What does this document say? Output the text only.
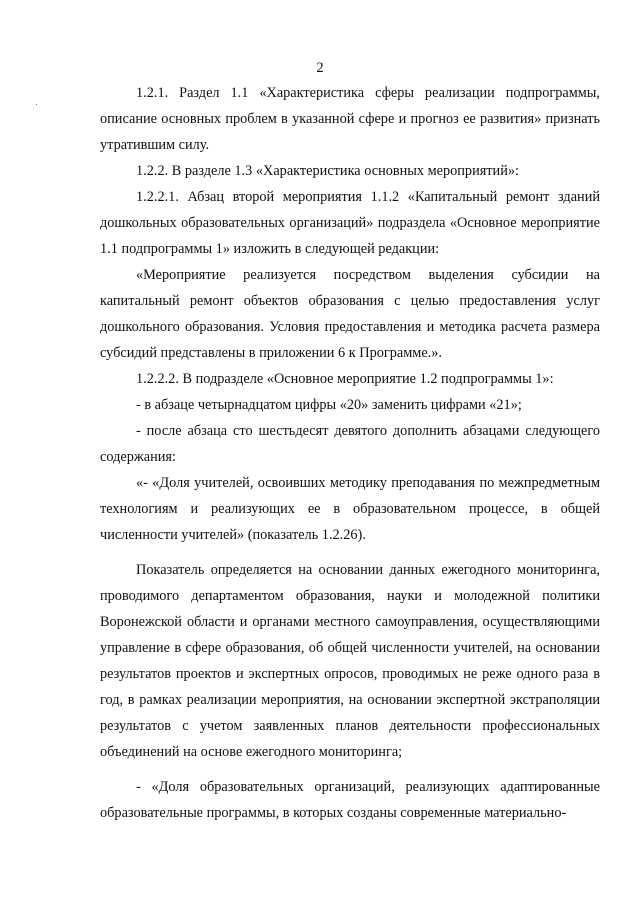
2

1.2.1. Раздел 1.1 «Характеристика сферы реализации подпрограммы, описание основных проблем в указанной сфере и прогноз ее развития» признать утратившим силу.

1.2.2. В разделе 1.3 «Характеристика основных мероприятий»:

1.2.2.1. Абзац второй мероприятия 1.1.2 «Капитальный ремонт зданий дошкольных образовательных организаций» подраздела «Основное мероприятие 1.1 подпрограммы 1» изложить в следующей редакции:

«Мероприятие реализуется посредством выделения субсидии на капитальный ремонт объектов образования с целью предоставления услуг дошкольного образования. Условия предоставления и методика расчета размера субсидий представлены в приложении 6 к Программе.».

1.2.2.2. В подразделе «Основное мероприятие 1.2 подпрограммы 1»:

- в абзаце четырнадцатом цифры «20» заменить цифрами «21»;

- после абзаца сто шестьдесят девятого дополнить абзацами следующего содержания:

«- «Доля учителей, освоивших методику преподавания по межпредметным технологиям и реализующих ее в образовательном процессе, в общей численности учителей» (показатель 1.2.26).

Показатель определяется на основании данных ежегодного мониторинга, проводимого департаментом образования, науки и молодежной политики Воронежской области и органами местного самоуправления, осуществляющими управление в сфере образования, об общей численности учителей, на основании результатов проектов и экспертных опросов, проводимых не реже одного раза в год, в рамках реализации мероприятия, на основании экспертной экстраполяции результатов с учетом заявленных планов деятельности профессиональных объединений на основе ежегодного мониторинга;

- «Доля образовательных организаций, реализующих адаптированные образовательные программы, в которых созданы современные материально-
